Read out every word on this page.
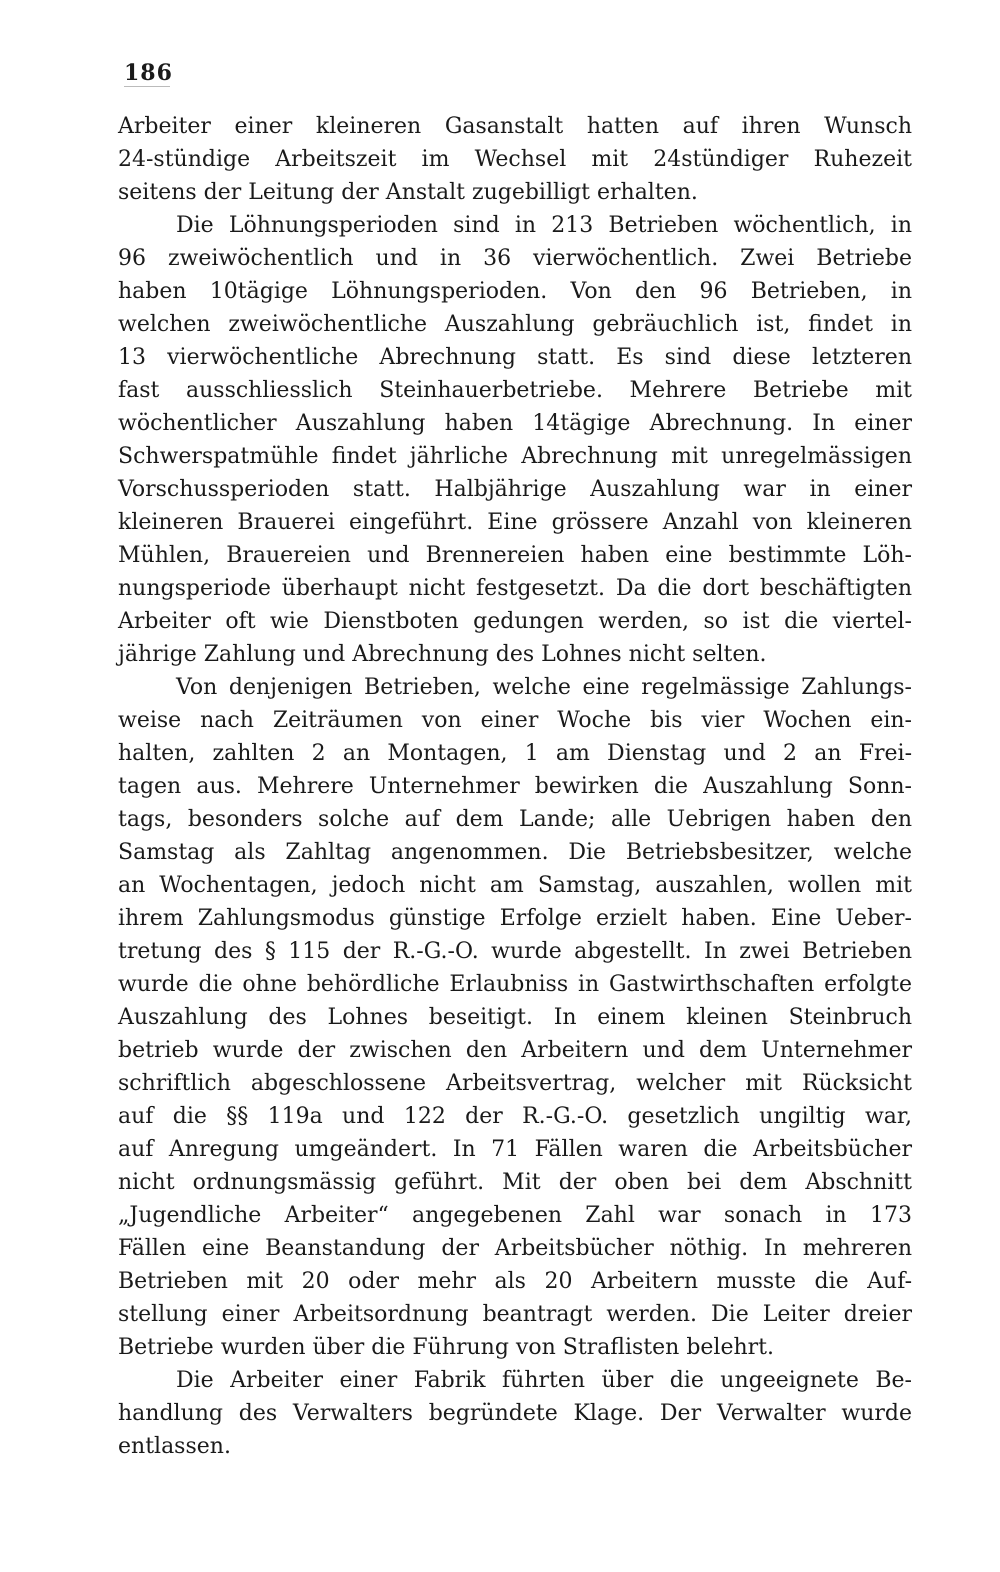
186
Arbeiter einer kleineren Gasanstalt hatten auf ihren Wunsch
24-stündige Arbeitszeit im Wechsel mit 24stündiger Ruhezeit
seitens der Leitung der Anstalt zugebilligt erhalten.
Die Löhnungsperioden sind in 213 Betrieben wöchentlich, in
96 zweiwöchentlich und in 36 vierwöchentlich. Zwei Betriebe
haben 10tägige Löhnungsperioden. Von den 96 Betrieben, in
welchen zweiwöchentliche Auszahlung gebräuchlich ist, findet in
13 vierwöchentliche Abrechnung statt. Es sind diese letzteren
fast ausschliesslich Steinhauerbetriebe. Mehrere Betriebe mit
wöchentlicher Auszahlung haben 14tägige Abrechnung. In einer
Schwerspatmühle findet jährliche Abrechnung mit unregelmässigen
Vorschussperioden statt. Halbjährige Auszahlung war in einer
kleineren Brauerei eingeführt. Eine grössere Anzahl von kleineren
Mühlen, Brauereien und Brennereien haben eine bestimmte Löh-
nungsperiode überhaupt nicht festgesetzt. Da die dort beschäftigten
Arbeiter oft wie Dienstboten gedungen werden, so ist die viertel-
jährige Zahlung und Abrechnung des Lohnes nicht selten.
Von denjenigen Betrieben, welche eine regelmässige Zahlungs-
weise nach Zeiträumen von einer Woche bis vier Wochen ein-
halten, zahlten 2 an Montagen, 1 am Dienstag und 2 an Frei-
tagen aus. Mehrere Unternehmer bewirken die Auszahlung Sonn-
tags, besonders solche auf dem Lande; alle Uebrigen haben den
Samstag als Zahltag angenommen. Die Betriebsbesitzer, welche
an Wochentagen, jedoch nicht am Samstag, auszahlen, wollen mit
ihrem Zahlungsmodus günstige Erfolge erzielt haben. Eine Ueber-
tretung des § 115 der R.-G.-O. wurde abgestellt. In zwei Betrieben
wurde die ohne behördliche Erlaubniss in Gastwirthschaften erfolgte
Auszahlung des Lohnes beseitigt. In einem kleinen Steinbruch
betrieb wurde der zwischen den Arbeitern und dem Unternehmer
schriftlich abgeschlossene Arbeitsvertrag, welcher mit Rücksicht
auf die §§ 119a und 122 der R.-G.-O. gesetzlich ungiltig war,
auf Anregung umgeändert. In 71 Fällen waren die Arbeitsbücher
nicht ordnungsmässig geführt. Mit der oben bei dem Abschnitt
„Jugendliche Arbeiter“ angegebenen Zahl war sonach in 173
Fällen eine Beanstandung der Arbeitsbücher nöthig. In mehreren
Betrieben mit 20 oder mehr als 20 Arbeitern musste die Auf-
stellung einer Arbeitsordnung beantragt werden. Die Leiter dreier
Betriebe wurden über die Führung von Straflisten belehrt.
Die Arbeiter einer Fabrik führten über die ungeeignete Be-
handlung des Verwalters begründete Klage. Der Verwalter wurde
entlassen.
